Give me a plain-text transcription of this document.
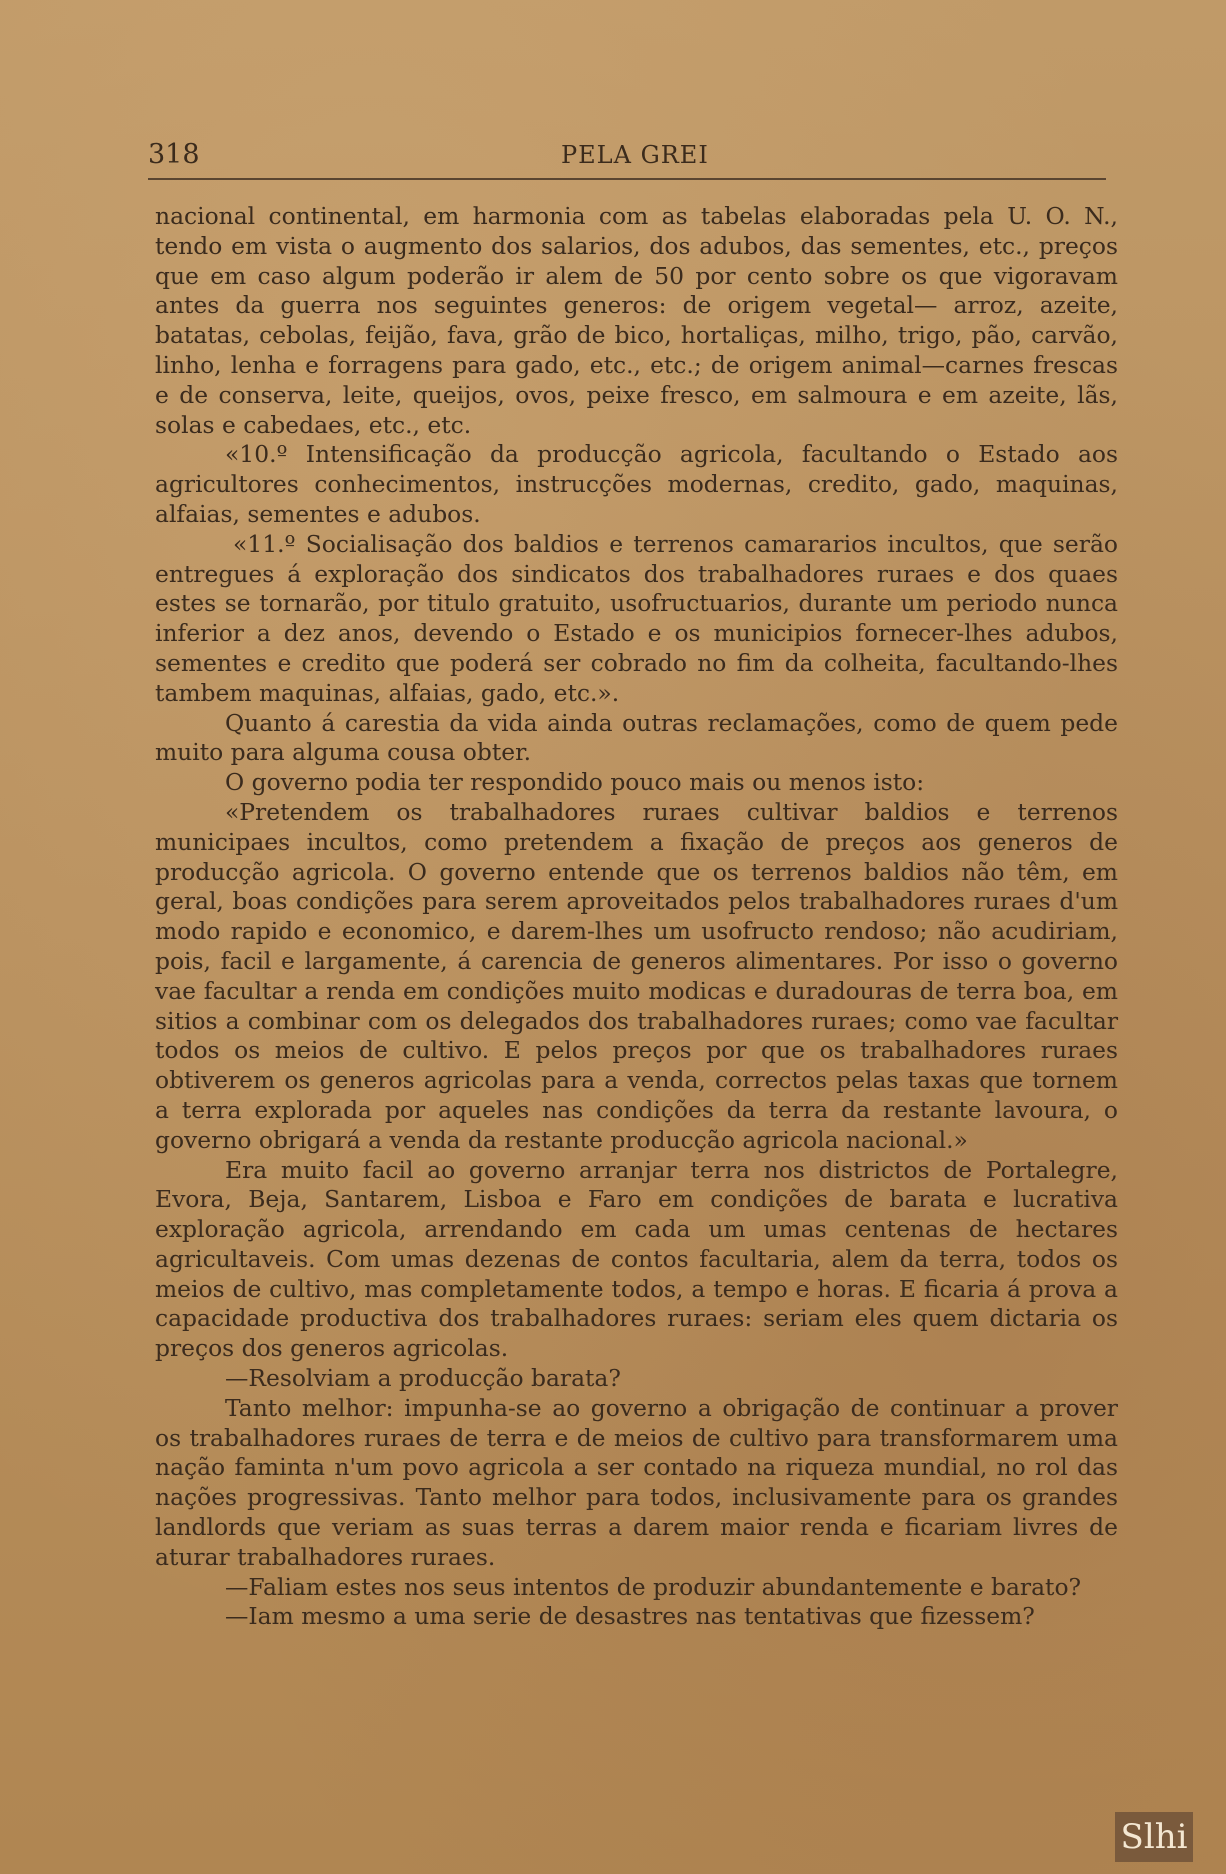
318	PELA GREI

nacional continental, em harmonia com as tabelas elaboradas pela U. O. N., tendo em vista o augmento dos salarios, dos adubos, das sementes, etc., preços que em caso algum poderão ir alem de 50 por cento sobre os que vigoravam antes da guerra nos seguintes generos: de origem vegetal— arroz, azeite, batatas, cebolas, feijão, fava, grão de bico, hortaliças, milho, trigo, pão, carvão, linho, lenha e forragens para gado, etc., etc.; de origem animal—carnes frescas e de conserva, leite, queijos, ovos, peixe fresco, em salmoura e em azeite, lãs, solas e cabedaes, etc., etc.

«10.º Intensificação da producção agricola, facultando o Estado aos agricultores conhecimentos, instrucções modernas, credito, gado, maquinas, alfaias, sementes e adubos.

«11.º Socialisação dos baldios e terrenos camararios incultos, que serão entregues á exploração dos sindicatos dos trabalhadores ruraes e dos quaes estes se tornarão, por titulo gratuito, usofructuarios, durante um periodo nunca inferior a dez anos, devendo o Estado e os municipios fornecer-lhes adubos, sementes e credito que poderá ser cobrado no fim da colheita, facultando-lhes tambem maquinas, alfaias, gado, etc.».

Quanto á carestia da vida ainda outras reclamações, como de quem pede muito para alguma cousa obter.

O governo podia ter respondido pouco mais ou menos isto:

«Pretendem os trabalhadores ruraes cultivar baldios e terrenos municipaes incultos, como pretendem a fixação de preços aos generos de producção agricola. O governo entende que os terrenos baldios não têm, em geral, boas condições para serem aproveitados pelos trabalhadores ruraes d'um modo rapido e economico, e darem-lhes um usofructo rendoso; não acudiriam, pois, facil e largamente, á carencia de generos alimentares. Por isso o governo vae facultar a renda em condições muito modicas e duradouras de terra boa, em sitios a combinar com os delegados dos trabalhadores ruraes; como vae facultar todos os meios de cultivo. E pelos preços por que os trabalhadores ruraes obtiverem os generos agricolas para a venda, correctos pelas taxas que tornem a terra explorada por aqueles nas condições da terra da restante lavoura, o governo obrigará a venda da restante producção agricola nacional.»

Era muito facil ao governo arranjar terra nos districtos de Portalegre, Evora, Beja, Santarem, Lisboa e Faro em condições de barata e lucrativa exploração agricola, arrendando em cada um umas centenas de hectares agricultaveis. Com umas dezenas de contos facultaria, alem da terra, todos os meios de cultivo, mas completamente todos, a tempo e horas. E ficaria á prova a capacidade productiva dos trabalhadores ruraes: seriam eles quem dictaria os preços dos generos agricolas.

—Resolviam a producção barata?

Tanto melhor: impunha-se ao governo a obrigação de continuar a prover os trabalhadores ruraes de terra e de meios de cultivo para transformarem uma nação faminta n'um povo agricola a ser contado na riqueza mundial, no rol das nações progressivas. Tanto melhor para todos, inclusivamente para os grandes landlords que veriam as suas terras a darem maior renda e ficariam livres de aturar trabalhadores ruraes.

—Faliam estes nos seus intentos de produzir abundantemente e barato?

—Iam mesmo a uma serie de desastres nas tentativas que fizessem?

Slhi
